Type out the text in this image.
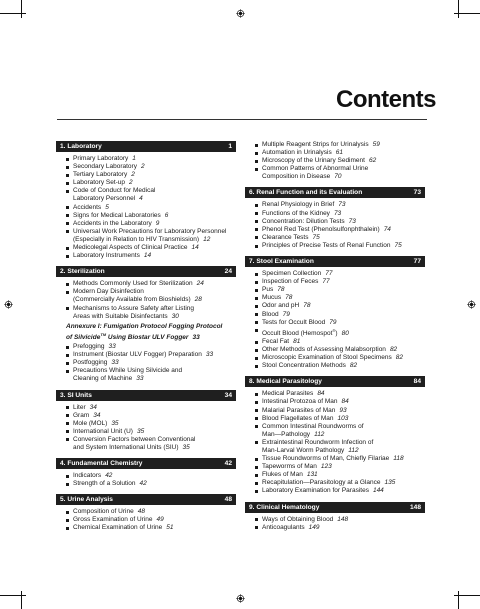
Contents
1. Laboratory	1
Primary Laboratory 1
Secondary Laboratory 2
Tertiary Laboratory 2
Laboratory Set-up 2
Code of Conduct for Medical
Laboratory Personnel 4
Accidents 5
Signs for Medical Laboratories 6
Accidents in the Laboratory 9
Universal Work Precautions for Laboratory Personnel
(Especially in Relation to HIV Transmission) 12
Medicolegal Aspects of Clinical Practice 14
Laboratory Instruments 14
2. Sterilization	24
Methods Commonly Used for Sterilization 24
Modern Day Disinfection
(Commercially Available from Bioshields) 28
Mechanisms to Assure Safety after Listing
Areas with Suitable Disinfectants 30
Annexure I: Fumigation Protocol Fogging Protocol
of Silvicide™ Using Biostar ULV Fogger 33
Prefogging 33
Instrument (Biostar ULV Fogger) Preparation 33
Postfogging 33
Precautions While Using Silvicide and
Cleaning of Machine 33
3. SI Units	34
Liter 34
Gram 34
Mole (MOL) 35
International Unit (U) 35
Conversion Factors between Conventional
and System International Units (SIU) 35
4. Fundamental Chemistry	42
Indicators 42
Strength of a Solution 42
5. Urine Analysis	48
Composition of Urine 48
Gross Examination of Urine 49
Chemical Examination of Urine 51
Multiple Reagent Strips for Urinalysis 59
Automation in Urinalysis 61
Microscopy of the Urinary Sediment 62
Common Patterns of Abnormal Urine
Composition in Disease 70
6. Renal Function and its Evaluation	73
Renal Physiology in Brief 73
Functions of the Kidney 73
Concentration: Dilution Tests 73
Phenol Red Test (Phenolsulfonphthalein) 74
Clearance Tests 75
Principles of Precise Tests of Renal Function 75
7. Stool Examination	77
Specimen Collection 77
Inspection of Feces 77
Pus 78
Mucus 78
Odor and pH 78
Blood 79
Tests for Occult Blood 79
Occult Blood (Hemospot®) 80
Fecal Fat 81
Other Methods of Assessing Malabsorption 82
Microscopic Examination of Stool Specimens 82
Stool Concentration Methods 82
8. Medical Parasitology	84
Medical Parasites 84
Intestinal Protozoa of Man 84
Malarial Parasites of Man 93
Blood Flagellates of Man 103
Common Intestinal Roundworms of
Man—Pathology 112
Extraintestinal Roundworm Infection of
Man-Larval Worm Pathology 112
Tissue Roundworms of Man, Chiefly Filariae 118
Tapeworms of Man 123
Flukes of Man 131
Recapitulation—Parasitology at a Glance 135
Laboratory Examination for Parasites 144
9. Clinical Hematology	148
Ways of Obtaining Blood 148
Anticoagulants 149
